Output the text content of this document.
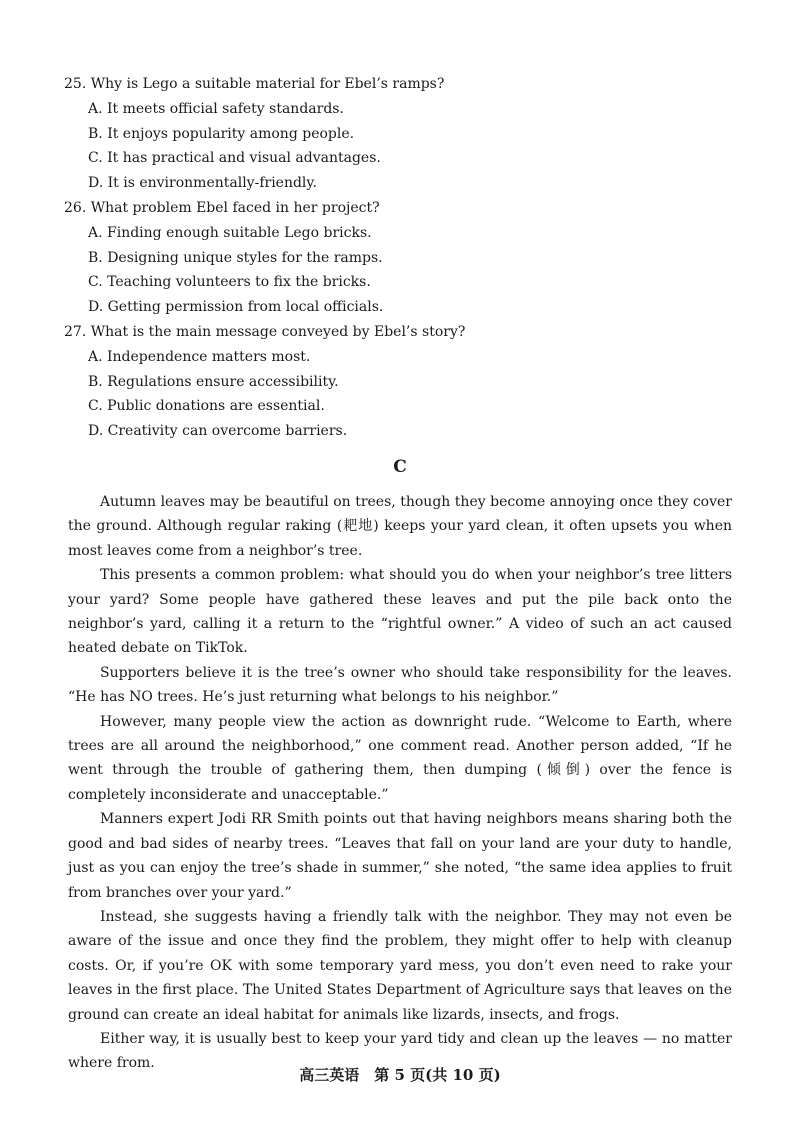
25. Why is Lego a suitable material for Ebel’s ramps?
A. It meets official safety standards.
B. It enjoys popularity among people.
C. It has practical and visual advantages.
D. It is environmentally-friendly.
26. What problem Ebel faced in her project?
A. Finding enough suitable Lego bricks.
B. Designing unique styles for the ramps.
C. Teaching volunteers to fix the bricks.
D. Getting permission from local officials.
27. What is the main message conveyed by Ebel’s story?
A. Independence matters most.
B. Regulations ensure accessibility.
C. Public donations are essential.
D. Creativity can overcome barriers.
C

Autumn leaves may be beautiful on trees, though they become annoying once they cover the ground. Although regular raking (耙地) keeps your yard clean, it often upsets you when most leaves come from a neighbor’s tree.

This presents a common problem: what should you do when your neighbor’s tree litters your yard? Some people have gathered these leaves and put the pile back onto the neighbor’s yard, calling it a return to the “rightful owner.” A video of such an act caused heated debate on TikTok.

Supporters believe it is the tree’s owner who should take responsibility for the leaves. “He has NO trees. He’s just returning what belongs to his neighbor.”

However, many people view the action as downright rude. “Welcome to Earth, where trees are all around the neighborhood,” one comment read. Another person added, “If he went through the trouble of gathering them, then dumping (倾倒) over the fence is completely inconsiderate and unacceptable.”

Manners expert Jodi RR Smith points out that having neighbors means sharing both the good and bad sides of nearby trees. “Leaves that fall on your land are your duty to handle, just as you can enjoy the tree’s shade in summer,” she noted, “the same idea applies to fruit from branches over your yard.”

Instead, she suggests having a friendly talk with the neighbor. They may not even be aware of the issue and once they find the problem, they might offer to help with cleanup costs. Or, if you’re OK with some temporary yard mess, you don’t even need to rake your leaves in the first place. The United States Department of Agriculture says that leaves on the ground can create an ideal habitat for animals like lizards, insects, and frogs.

Either way, it is usually best to keep your yard tidy and clean up the leaves — no matter where from.

高三英语　第 5 页(共 10 页)
